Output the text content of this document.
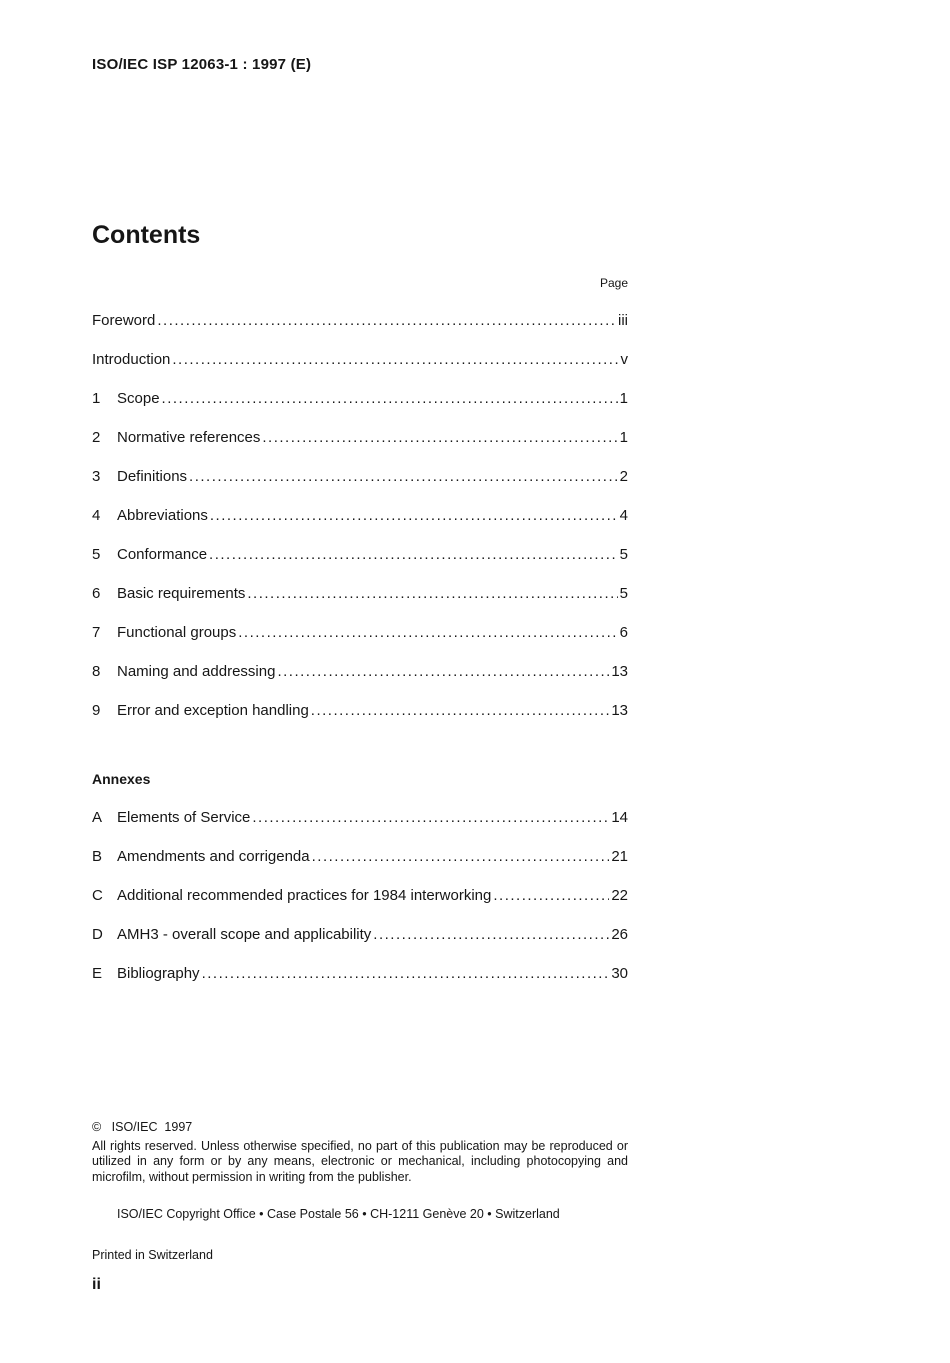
ISO/IEC ISP 12063-1 : 1997 (E)
Contents
Page
Foreword .....	iii
Introduction .....	v
1	Scope .....	1
2	Normative references .....	1
3	Definitions .....	2
4	Abbreviations .....	4
5	Conformance .....	5
6	Basic requirements .....	5
7	Functional groups .....	6
8	Naming and addressing .....	13
9	Error and exception handling .....	13
Annexes
A Elements of Service .....	14
B Amendments and corrigenda .....	21
C Additional recommended practices for 1984 interworking .....	22
D AMH3 - overall scope and applicability .....	26
E Bibliography .....	30
©   ISO/IEC  1997
All rights reserved. Unless otherwise specified, no part of this publication may be reproduced or utilized in any form or by any means, electronic or mechanical, including photocopying and microfilm, without permission in writing from the publisher.
ISO/IEC Copyright Office • Case Postale 56 • CH-1211 Genève 20 • Switzerland
Printed in Switzerland
ii
